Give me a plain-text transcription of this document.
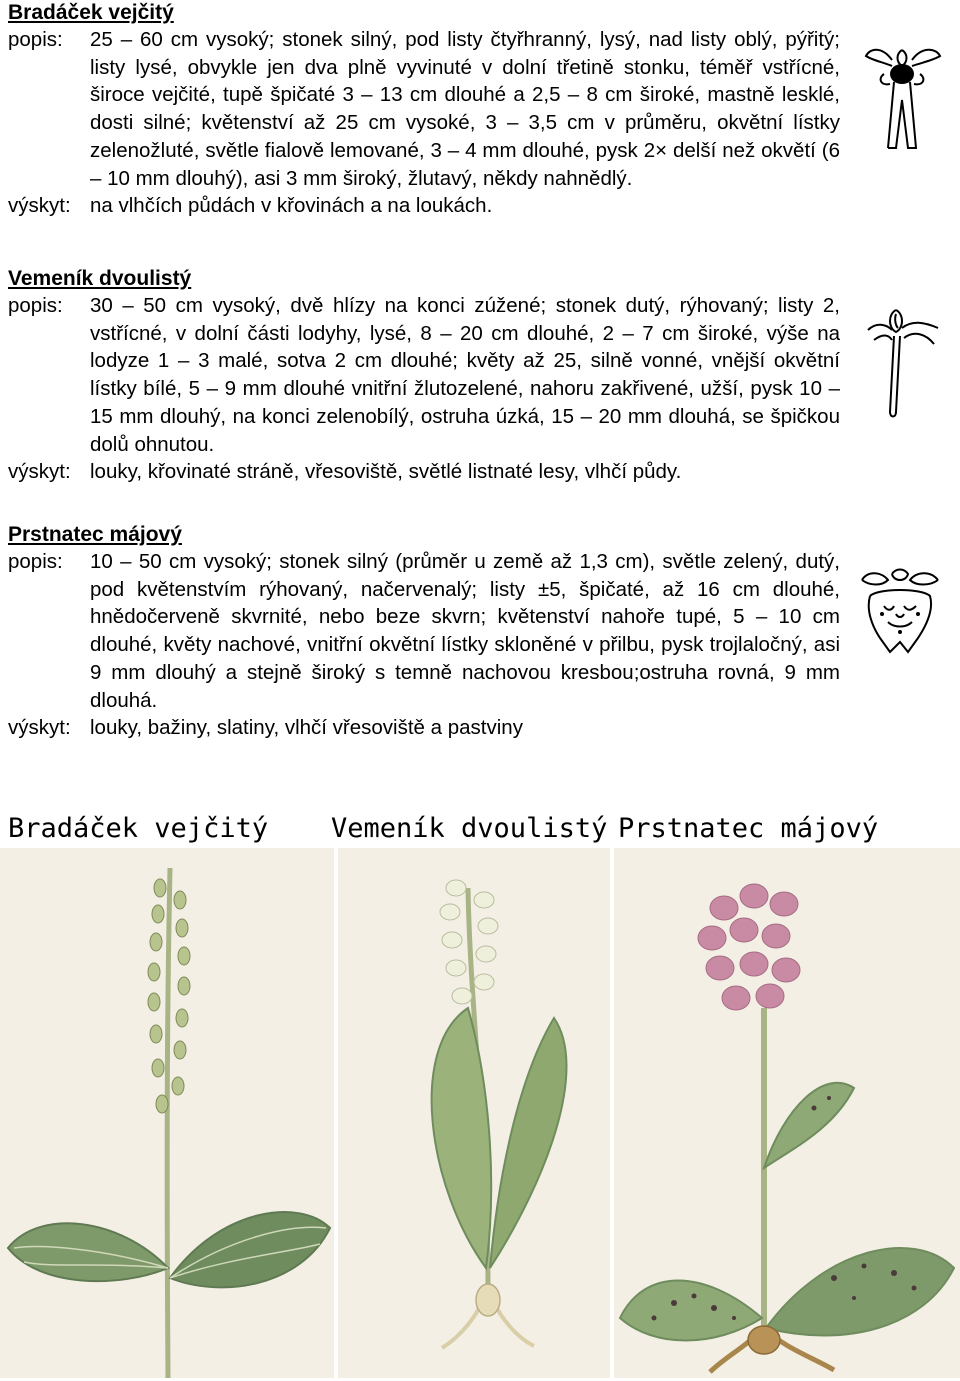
Bradáček vejčitý
popis:	25 – 60 cm vysoký; stonek silný, pod listy čtyřhranný, lysý, nad listy oblý, pýřitý; listy lysé, obvykle jen dva plně vyvinuté v dolní třetině stonku, téměř vstřícné, široce vejčité, tupě špičaté 3 – 13 cm dlouhé a 2,5 – 8 cm široké, mastně lesklé, dosti silné; květenství až 25 cm vysoké, 3 – 3,5 cm v průměru, okvětní lístky zelenožluté, světle fialově lemované, 3 – 4 mm dlouhé, pysk 2× delší než okvětí (6 – 10 mm dlouhý), asi 3 mm široký, žlutavý, někdy nahnědlý.
výskyt: na vlhčích půdách v křovinách a na loukách.
Vemeník dvoulistý
popis:	30 – 50 cm vysoký, dvě hlízy na konci zúžené; stonek dutý, rýhovaný; listy 2, vstřícné, v dolní části lodyhy, lysé, 8 – 20 cm dlouhé, 2 – 7 cm široké, výše na lodyze 1 – 3 malé, sotva 2 cm dlouhé; květy až 25, silně vonné, vnější okvětní lístky bílé, 5 – 9 mm dlouhé vnitřní žlutozelené, nahoru zakřivené, užší, pysk 10 – 15 mm dlouhý, na konci zelenobílý, ostruha úzká, 15 – 20 mm dlouhá, se špičkou dolů ohnutou.
výskyt: louky, křovinaté stráně, vřesoviště, světlé listnaté lesy, vlhčí půdy.
Prstnatec májový
popis:	10 – 50 cm vysoký; stonek silný (průměr u země až 1,3 cm), světle zelený, dutý, pod květenstvím rýhovaný, načervenalý; listy ±5, špičaté, až 16 cm dlouhé, hnědočerveně skvrnité, nebo beze skvrn; květenství nahoře tupé, 5 – 10 cm dlouhé, květy nachové, vnitřní okvětní lístky skloněné v přilbu, pysk trojlaločný, asi 9 mm dlouhý a stejně široký s temně nachovou kresbou;ostruha rovná, 9 mm dlouhá.
výskyt: louky, bažiny, slatiny, vlhčí vřesoviště a pastviny
Bradáček vejčitý Vemeník dvoulistý Prstnatec májový
